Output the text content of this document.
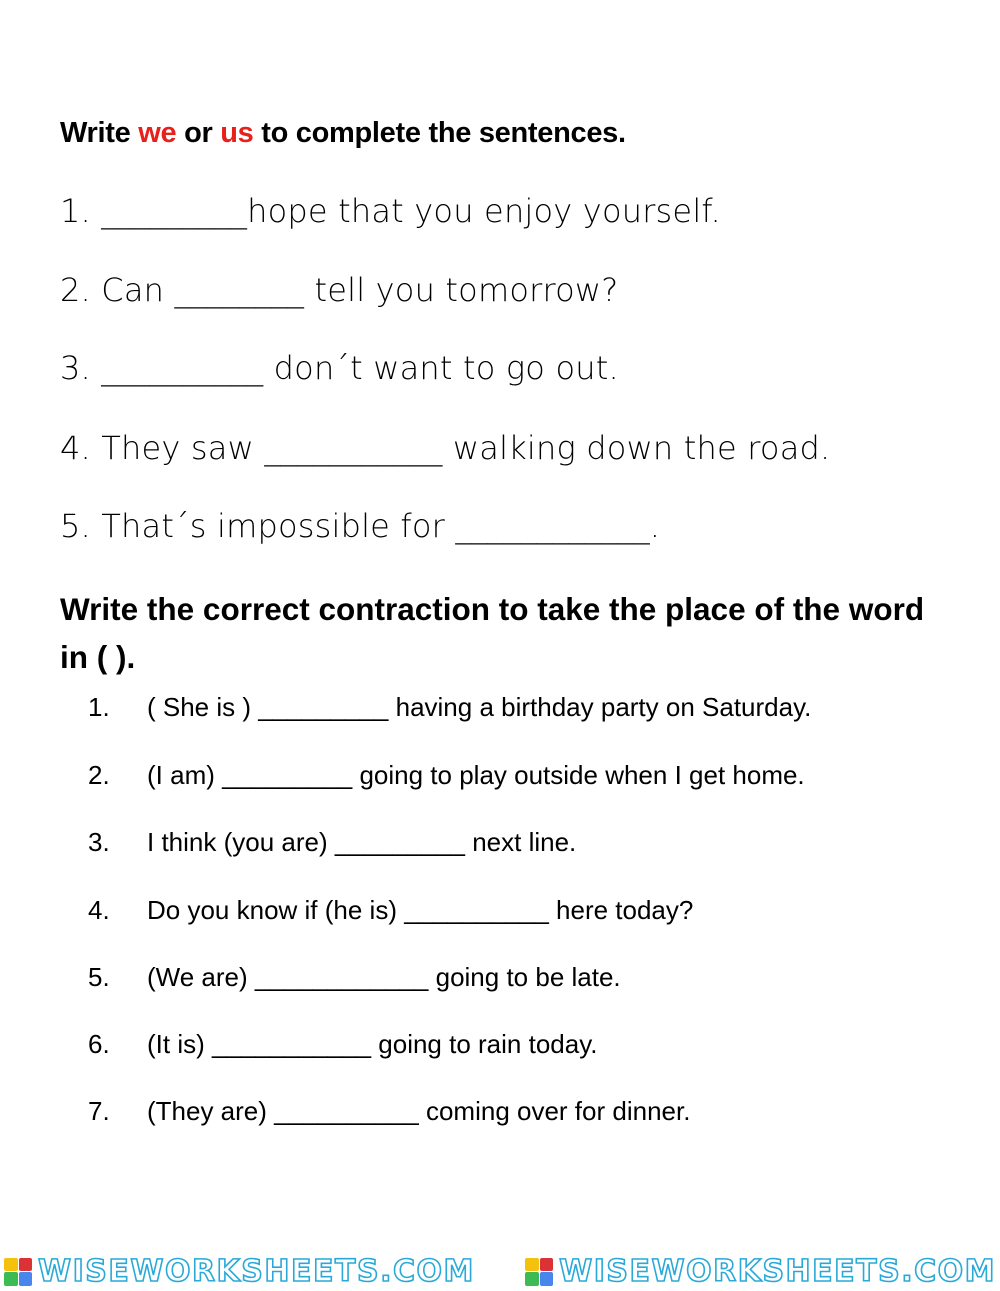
Write we or us to complete the sentences.
1. _________hope that you enjoy yourself.
2. Can ________ tell you tomorrow?
3. __________ don´t want to go out.
4. They saw ___________ walking down the road.
5. That´s impossible for ____________.
Write the correct contraction to take the place of the word in ( ).
1. ( She is ) _________ having a birthday party on Saturday.
2. (I am) _________ going to play outside when I get home.
3. I think (you are) _________ next line.
4. Do you know if (he is) __________ here today?
5. (We are) ____________ going to be late.
6. (It is) ___________ going to rain today.
7. (They are) __________ coming over for dinner.
WISEWORKSHEETS.COM	WISEWORKSHEETS.COM
